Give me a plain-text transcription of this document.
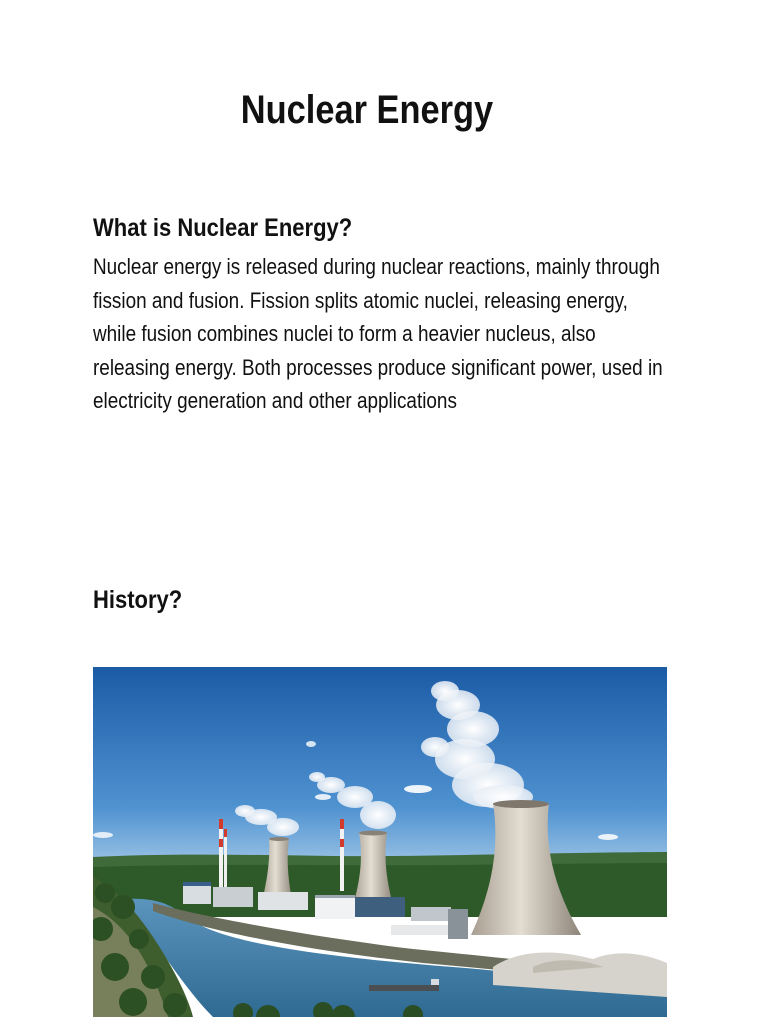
Nuclear Energy
What is Nuclear Energy?

Nuclear energy is released during nuclear reactions, mainly through fission and fusion. Fission splits atomic nuclei, releasing energy, while fusion combines nuclei to form a heavier nucleus, also releasing energy. Both processes produce significant power, used in electricity generation and other applications

History?
